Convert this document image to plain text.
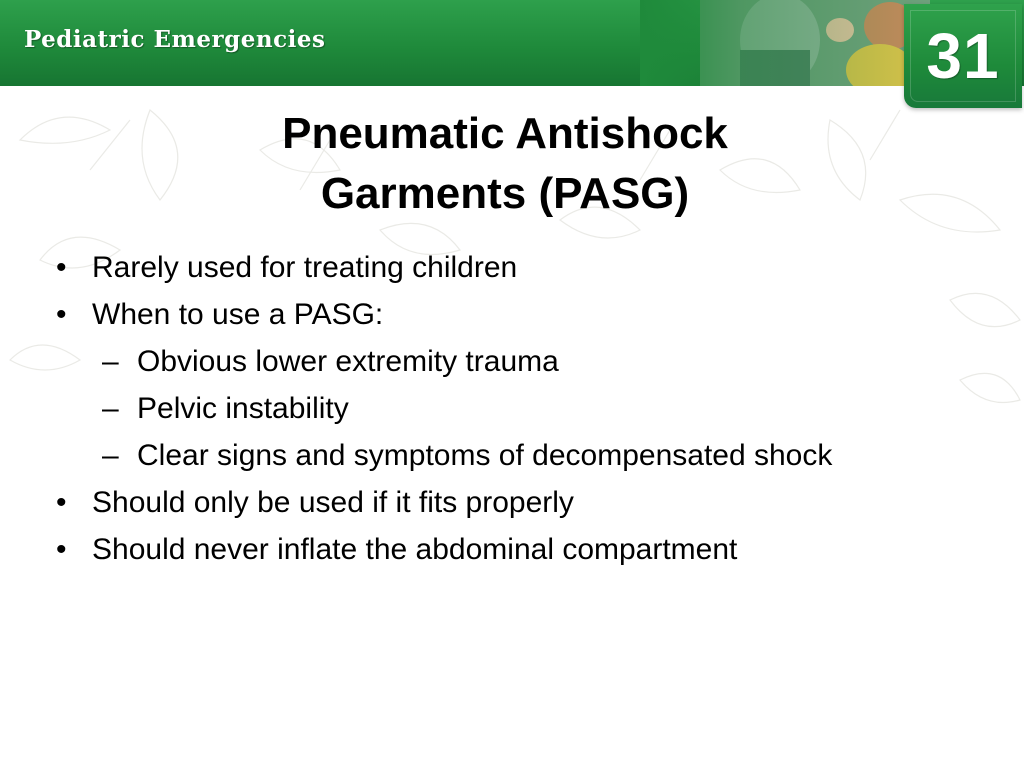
Pediatric Emergencies	31
Pneumatic Antishock
Garments (PASG)
• Rarely used for treating children
• When to use a PASG:
– Obvious lower extremity trauma
– Pelvic instability
– Clear signs and symptoms of decompensated shock
• Should only be used if it fits properly
• Should never inflate the abdominal compartment
